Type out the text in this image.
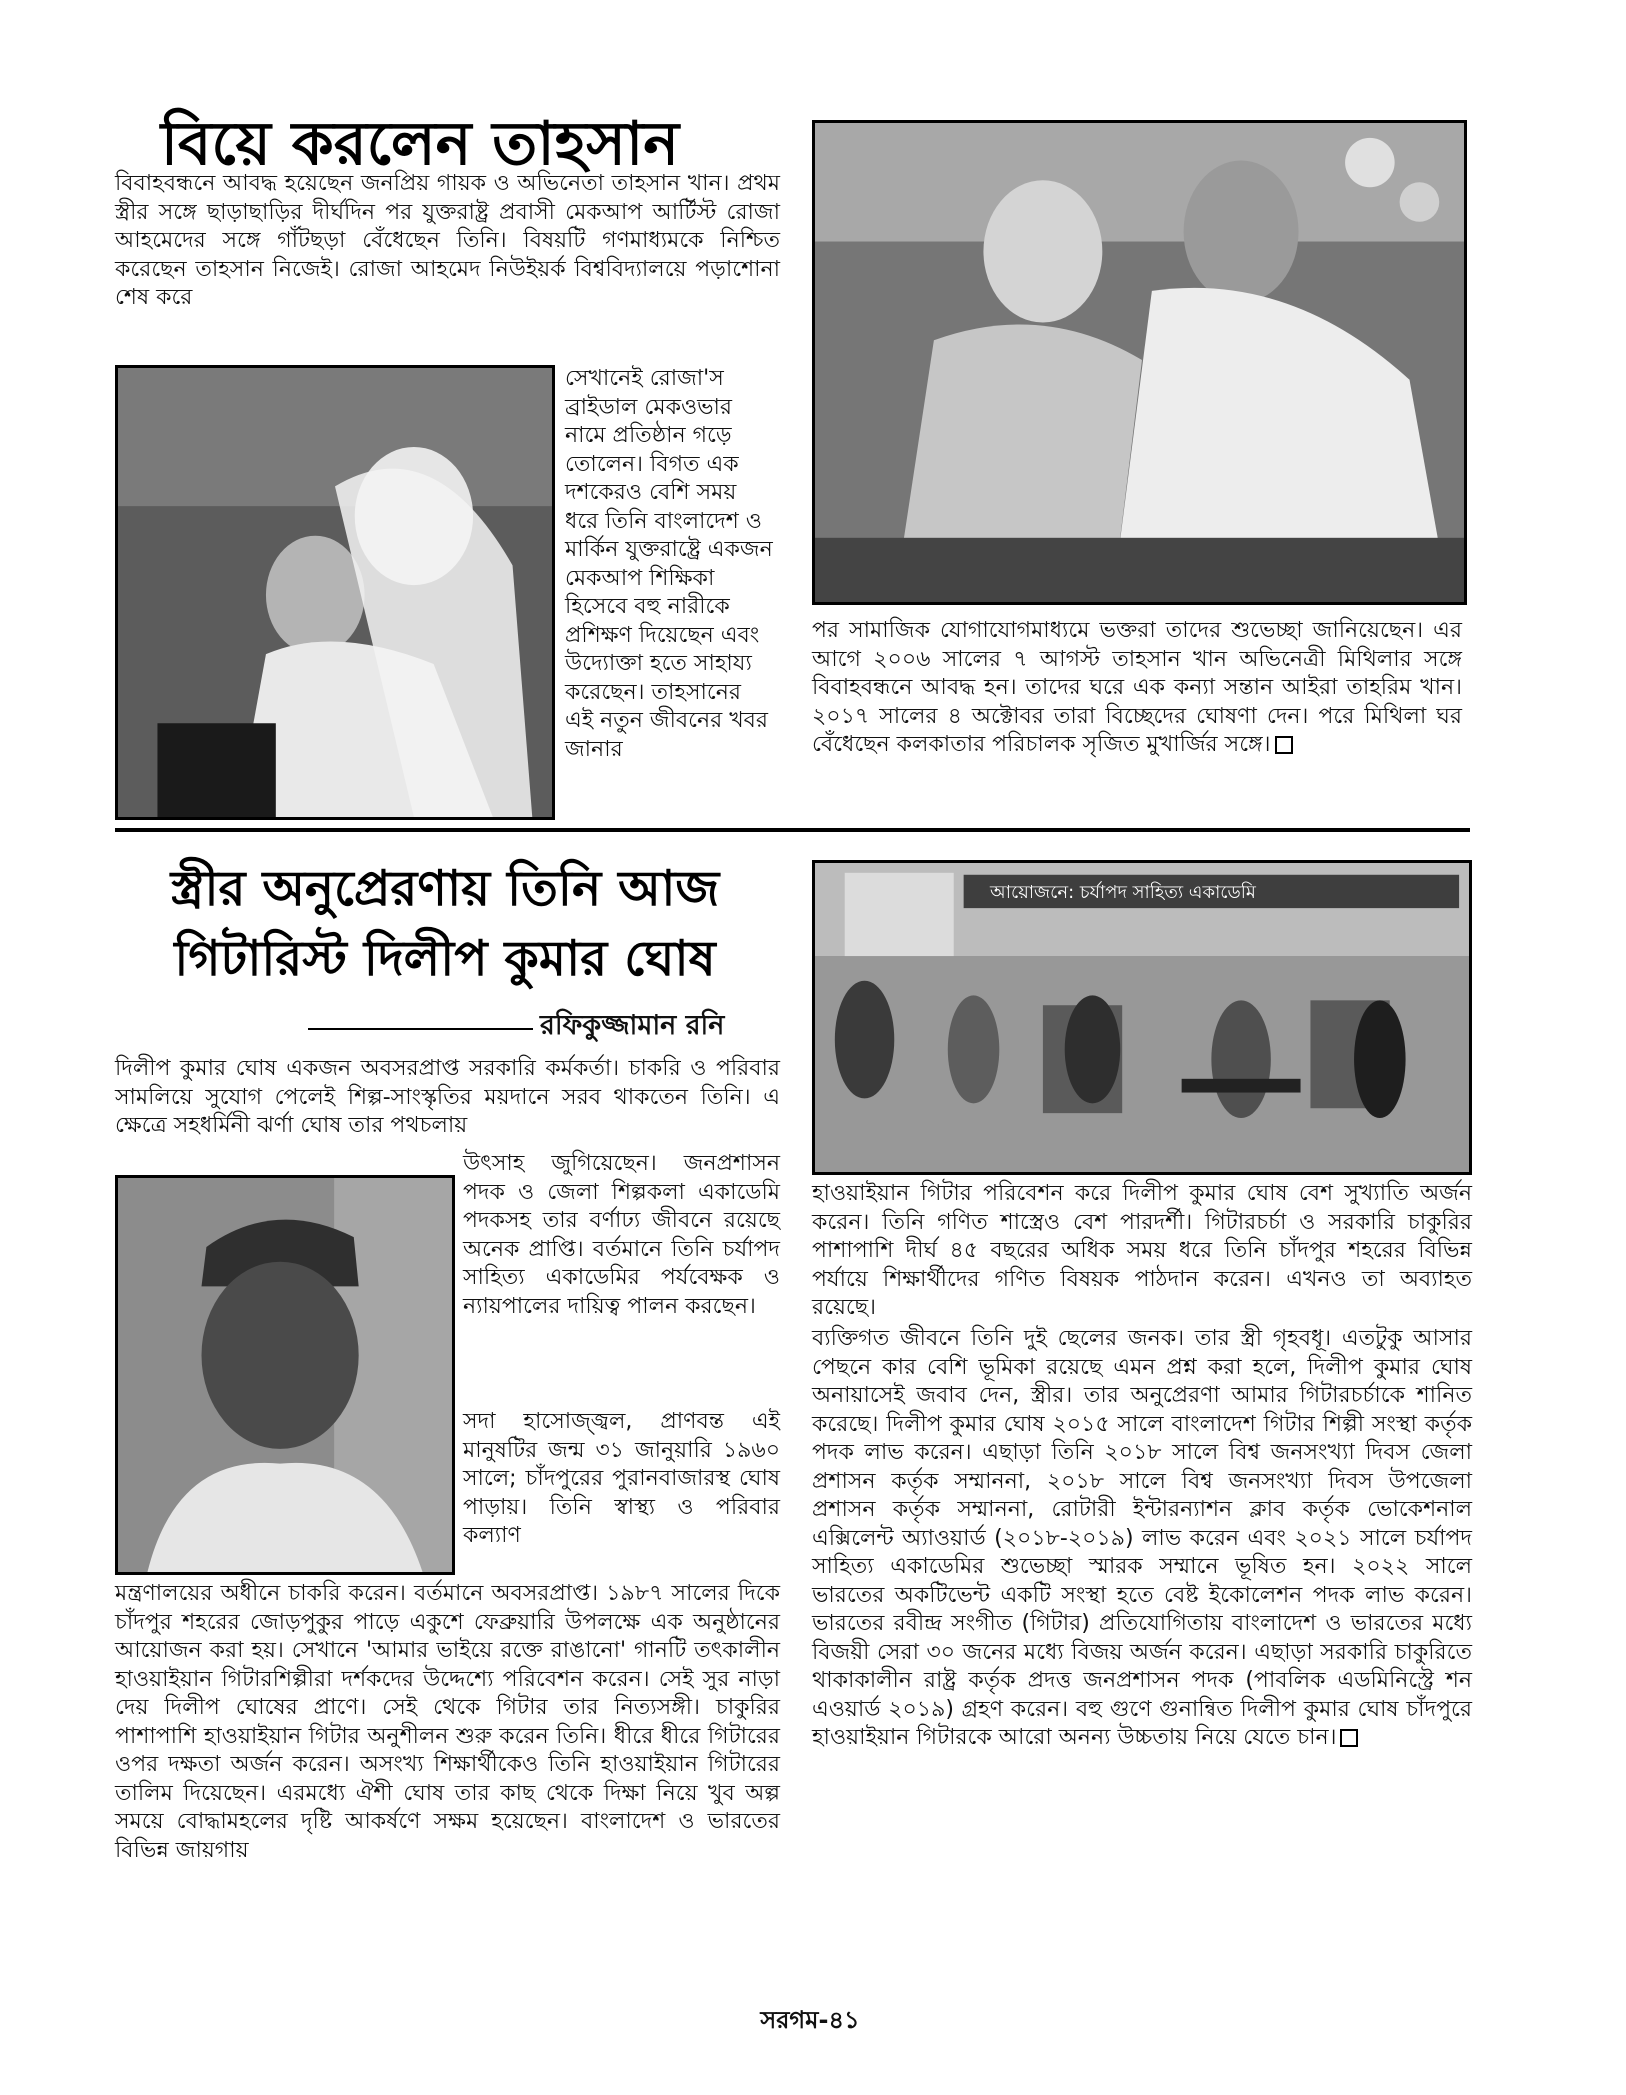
বিয়ে করলেন তাহসান
বিবাহবন্ধনে আবদ্ধ হয়েছেন জনপ্রিয় গায়ক ও অভিনেতা তাহসান খান। প্রথম স্ত্রীর সঙ্গে ছাড়াছাড়ির দীর্ঘদিন পর যুক্তরাষ্ট্র প্রবাসী মেকআপ আর্টিস্ট রোজা আহমেদের সঙ্গে গাঁটছড়া বেঁধেছেন তিনি। বিষয়টি গণমাধ্যমকে নিশ্চিত করেছেন তাহসান নিজেই। রোজা আহমেদ নিউইয়র্ক বিশ্ববিদ্যালয়ে পড়াশোনা শেষ করে
সেখানেই রোজা'স ব্রাইডাল মেকওভার নামে প্রতিষ্ঠান গড়ে তোলেন। বিগত এক দশকেরও বেশি সময় ধরে তিনি বাংলাদেশ ও মার্কিন যুক্তরাষ্ট্রে একজন মেকআপ শিক্ষিকা হিসেবে বহু নারীকে প্রশিক্ষণ দিয়েছেন এবং উদ্যোক্তা হতে সাহায্য করেছেন। তাহসানের এই নতুন জীবনের খবর জানার
পর সামাজিক যোগাযোগমাধ্যমে ভক্তরা তাদের শুভেচ্ছা জানিয়েছেন। এর আগে ২০০৬ সালের ৭ আগস্ট তাহসান খান অভিনেত্রী মিথিলার সঙ্গে বিবাহবন্ধনে আবদ্ধ হন। তাদের ঘরে এক কন্যা সন্তান আইরা তাহরিম খান। ২০১৭ সালের ৪ অক্টোবর তারা বিচ্ছেদের ঘোষণা দেন। পরে মিথিলা ঘর বেঁধেছেন কলকাতার পরিচালক সৃজিত মুখার্জির সঙ্গে।
স্ত্রীর অনুপ্রেরণায় তিনি আজ
গিটারিস্ট দিলীপ কুমার ঘোষ
রফিকুজ্জামান রনি
দিলীপ কুমার ঘোষ একজন অবসরপ্রাপ্ত সরকারি কর্মকর্তা। চাকরি ও পরিবার সামলিয়ে সুযোগ পেলেই শিল্প-সাংস্কৃতির ময়দানে সরব থাকতেন তিনি। এ ক্ষেত্রে সহধর্মিনী ঝর্ণা ঘোষ তার পথচলায়
উৎসাহ জুগিয়েছেন। জনপ্রশাসন পদক ও জেলা শিল্পকলা একাডেমি পদকসহ তার বর্ণাঢ্য জীবনে রয়েছে অনেক প্রাপ্তি। বর্তমানে তিনি চর্যাপদ সাহিত্য একাডেমির পর্যবেক্ষক ও ন্যায়পালের দায়িত্ব পালন করছেন।
সদা হাসোজ্জ্বল, প্রাণবন্ত এই মানুষটির জন্ম ৩১ জানুয়ারি ১৯৬০ সালে; চাঁদপুরের পুরানবাজারস্থ ঘোষ পাড়ায়। তিনি স্বাস্থ্য ও পরিবার কল্যাণ
মন্ত্রণালয়ের অধীনে চাকরি করেন। বর্তমানে অবসরপ্রাপ্ত। ১৯৮৭ সালের দিকে চাঁদপুর শহরের জোড়পুকুর পাড়ে একুশে ফেব্রুয়ারি উপলক্ষে এক অনুষ্ঠানের আয়োজন করা হয়। সেখানে 'আমার ভাইয়ে রক্তে রাঙানো' গানটি তৎকালীন হাওয়াইয়ান গিটারশিল্পীরা দর্শকদের উদ্দেশ্যে পরিবেশন করেন। সেই সুর নাড়া দেয় দিলীপ ঘোষের প্রাণে। সেই থেকে গিটার তার নিত্যসঙ্গী। চাকুরির পাশাপাশি হাওয়াইয়ান গিটার অনুশীলন শুরু করেন তিনি। ধীরে ধীরে গিটারের ওপর দক্ষতা অর্জন করেন। অসংখ্য শিক্ষার্থীকেও তিনি হাওয়াইয়ান গিটারের তালিম দিয়েছেন। এরমধ্যে ঐশী ঘোষ তার কাছ থেকে দিক্ষা নিয়ে খুব অল্প সময়ে বোদ্ধামহলের দৃষ্টি আকর্ষণে সক্ষম হয়েছেন। বাংলাদেশ ও ভারতের বিভিন্ন জায়গায়
আয়োজনে: চর্যাপদ সাহিত্য একাডেমি
হাওয়াইয়ান গিটার পরিবেশন করে দিলীপ কুমার ঘোষ বেশ সুখ্যাতি অর্জন করেন। তিনি গণিত শাস্ত্রেও বেশ পারদর্শী। গিটারচর্চা ও সরকারি চাকুরির পাশাপাশি দীর্ঘ ৪৫ বছরের অধিক সময় ধরে তিনি চাঁদপুর শহরের বিভিন্ন পর্যায়ে শিক্ষার্থীদের গণিত বিষয়ক পাঠদান করেন। এখনও তা অব্যাহত রয়েছে।
ব্যক্তিগত জীবনে তিনি দুই ছেলের জনক। তার স্ত্রী গৃহবধূ। এতটুকু আসার পেছনে কার বেশি ভূমিকা রয়েছে এমন প্রশ্ন করা হলে, দিলীপ কুমার ঘোষ অনায়াসেই জবাব দেন, স্ত্রীর। তার অনুপ্রেরণা আমার গিটারচর্চাকে শানিত করেছে। দিলীপ কুমার ঘোষ ২০১৫ সালে বাংলাদেশ গিটার শিল্পী সংস্থা কর্তৃক পদক লাভ করেন। এছাড়া তিনি ২০১৮ সালে বিশ্ব জনসংখ্যা দিবস জেলা প্রশাসন কর্তৃক সম্মাননা, ২০১৮ সালে বিশ্ব জনসংখ্যা দিবস উপজেলা প্রশাসন কর্তৃক সম্মাননা, রোটারী ইন্টারন্যাশন ক্লাব কর্তৃক ভোকেশনাল এক্সিলেন্ট অ্যাওয়ার্ড (২০১৮-২০১৯) লাভ করেন এবং ২০২১ সালে চর্যাপদ সাহিত্য একাডেমির শুভেচ্ছা স্মারক সম্মানে ভূষিত হন। ২০২২ সালে ভারতের অকটিভেন্ট একটি সংস্থা হতে বেষ্ট ইকোলেশন পদক লাভ করেন। ভারতের রবীন্দ্র সংগীত (গিটার) প্রতিযোগিতায় বাংলাদেশ ও ভারতের মধ্যে বিজয়ী সেরা ৩০ জনের মধ্যে বিজয় অর্জন করেন। এছাড়া সরকারি চাকুরিতে থাকাকালীন রাষ্ট্র কর্তৃক প্রদত্ত জনপ্রশাসন পদক (পাবলিক এডমিনিস্ট্রে শন এওয়ার্ড ২০১৯) গ্রহণ করেন। বহু গুণে গুনান্বিত দিলীপ কুমার ঘোষ চাঁদপুরে হাওয়াইয়ান গিটারকে আরো অনন্য উচ্চতায় নিয়ে যেতে চান।
সরগম-৪১
